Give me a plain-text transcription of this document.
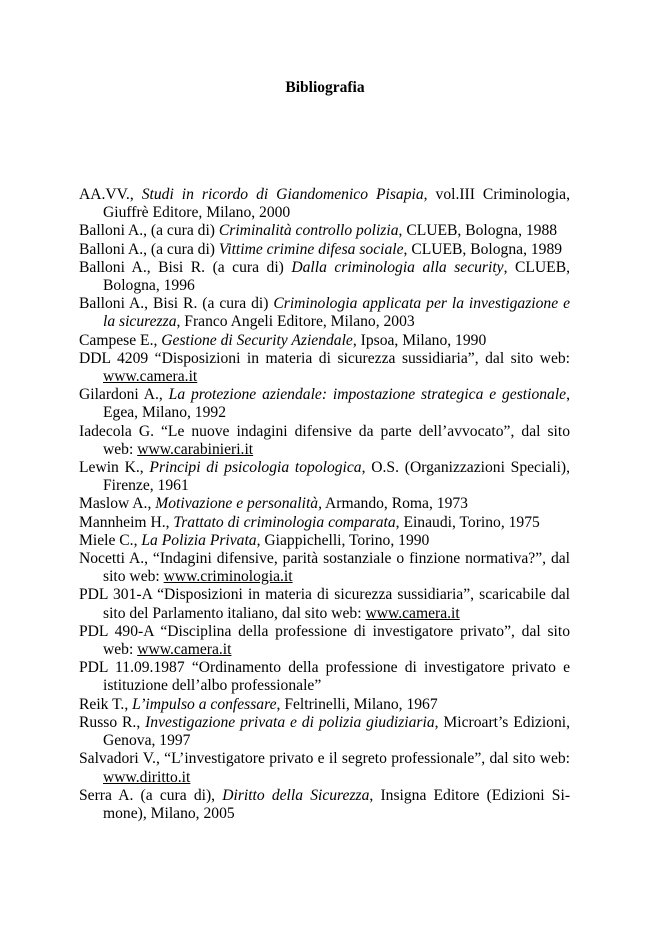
Bibliografia
AA.VV., Studi in ricordo di Giandomenico Pisapia, vol.III Criminologia, Giuffrè Editore, Milano, 2000
Balloni A., (a cura di) Criminalità controllo polizia, CLUEB, Bologna, 1988
Balloni A., (a cura di) Vittime crimine difesa sociale, CLUEB, Bologna, 1989
Balloni A., Bisi R. (a cura di) Dalla criminologia alla security, CLUEB, Bologna, 1996
Balloni A., Bisi R. (a cura di) Criminologia applicata per la investigazione e la sicurezza, Franco Angeli Editore, Milano, 2003
Campese E., Gestione di Security Aziendale, Ipsoa, Milano, 1990
DDL 4209 “Disposizioni in materia di sicurezza sussidiaria”, dal sito web: www.camera.it
Gilardoni A., La protezione aziendale: impostazione strategica e gestionale, Egea, Milano, 1992
Iadecola G. “Le nuove indagini difensive da parte dell’avvocato”, dal sito web: www.carabinieri.it
Lewin K., Principi di psicologia topologica, O.S. (Organizzazioni Speciali), Firenze, 1961
Maslow A., Motivazione e personalità, Armando, Roma, 1973
Mannheim H., Trattato di criminologia comparata, Einaudi, Torino, 1975
Miele C., La Polizia Privata, Giappichelli, Torino, 1990
Nocetti A., “Indagini difensive, parità sostanziale o finzione normativa?”, dal sito web: www.criminologia.it
PDL 301-A “Disposizioni in materia di sicurezza sussidiaria”, scaricabile dal sito del Parlamento italiano, dal sito web: www.camera.it
PDL 490-A “Disciplina della professione di investigatore privato”, dal sito web: www.camera.it
PDL 11.09.1987 “Ordinamento della professione di investigatore privato e istituzione dell’albo professionale”
Reik T., L’impulso a confessare, Feltrinelli, Milano, 1967
Russo R., Investigazione privata e di polizia giudiziaria, Microart’s Edizioni, Genova, 1997
Salvadori V., “L’investigatore privato e il segreto professionale”, dal sito web: www.diritto.it
Serra A. (a cura di), Diritto della Sicurezza, Insigna Editore (Edizioni Simone), Milano, 2005
